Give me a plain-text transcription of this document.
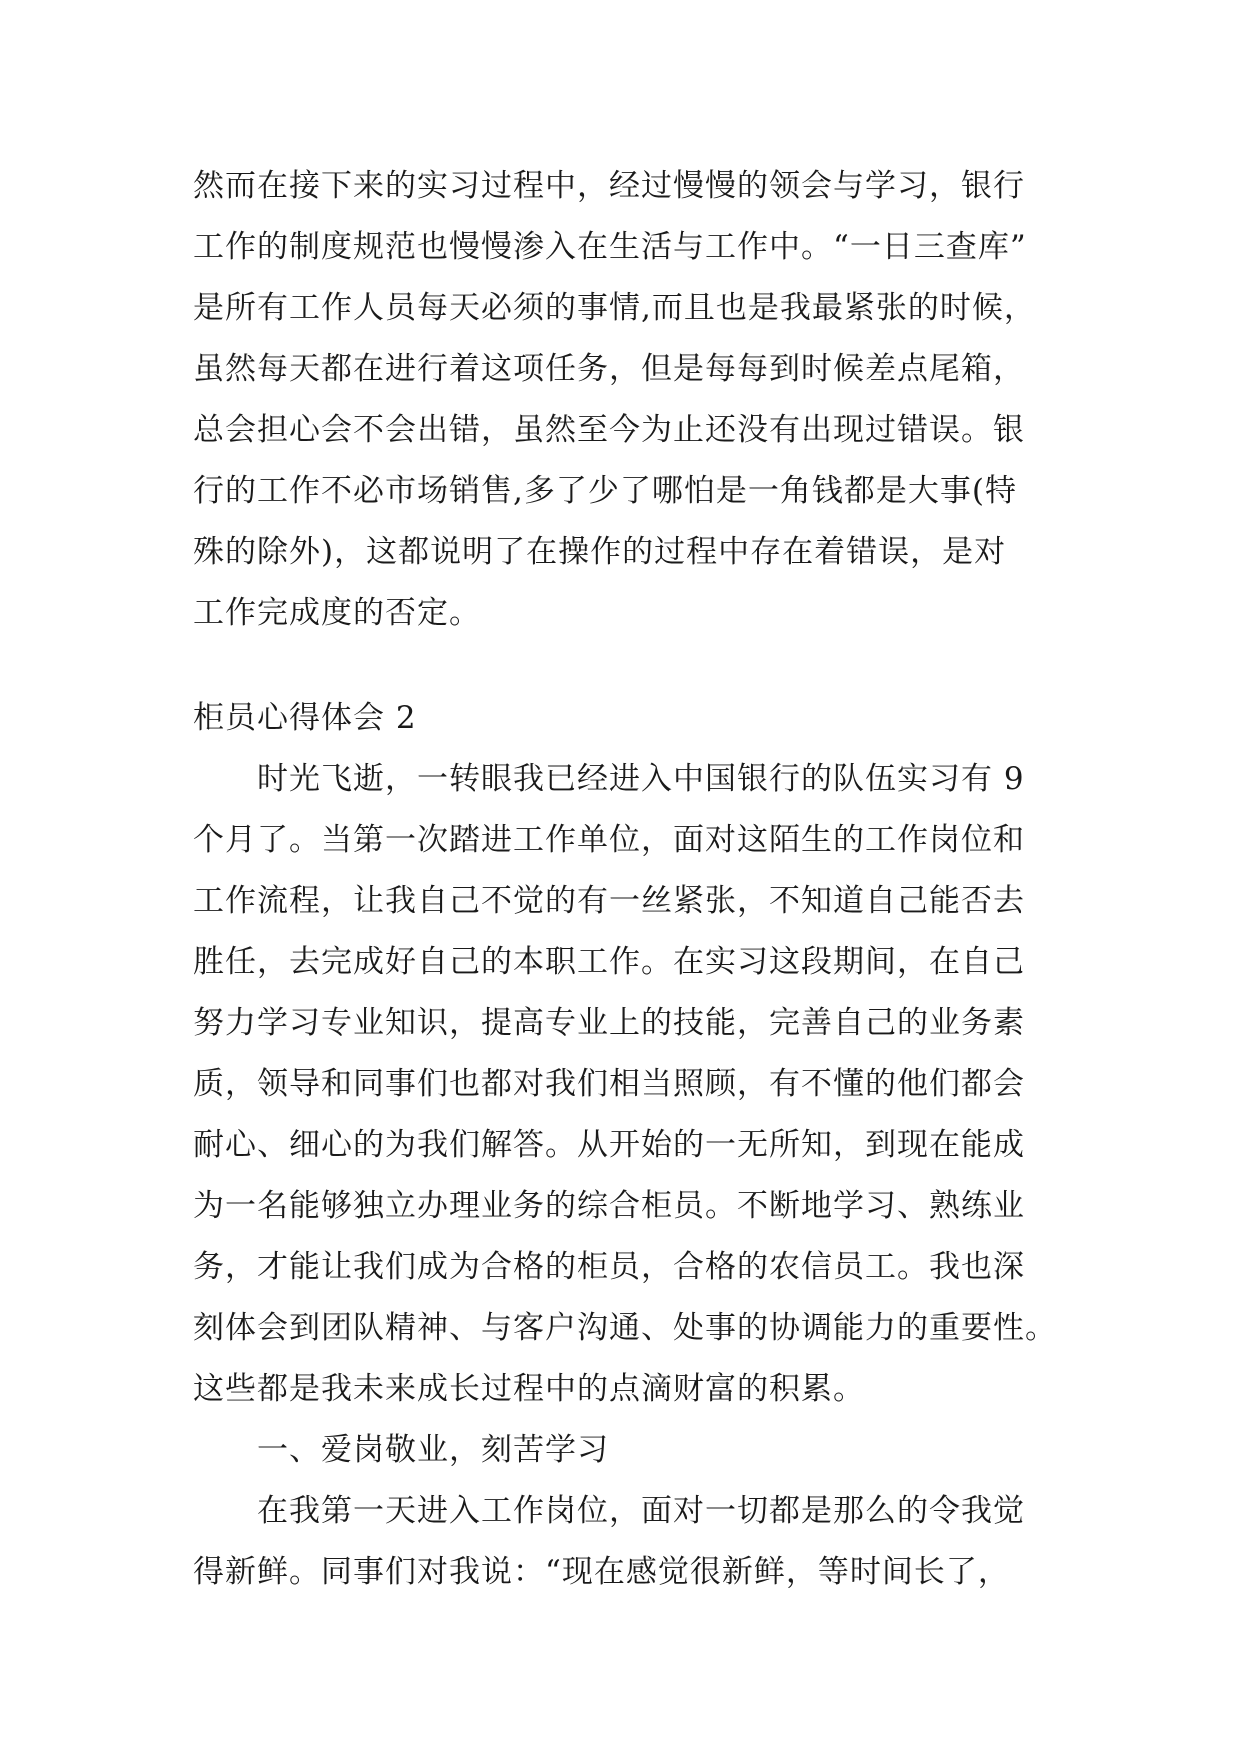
然而在接下来的实习过程中，经过慢慢的领会与学习，银行
工作的制度规范也慢慢渗入在生活与工作中。“一日三查库”
是所有工作人员每天必须的事情,而且也是我最紧张的时候，
虽然每天都在进行着这项任务，但是每每到时候差点尾箱，
总会担心会不会出错，虽然至今为止还没有出现过错误。银
行的工作不必市场销售,多了少了哪怕是一角钱都是大事(特
殊的除外)，这都说明了在操作的过程中存在着错误，是对
工作完成度的否定。
柜员心得体会 2
时光飞逝，一转眼我已经进入中国银行的队伍实习有 9
个月了。当第一次踏进工作单位，面对这陌生的工作岗位和
工作流程，让我自己不觉的有一丝紧张，不知道自己能否去
胜任，去完成好自己的本职工作。在实习这段期间，在自己
努力学习专业知识，提高专业上的技能，完善自己的业务素
质，领导和同事们也都对我们相当照顾，有不懂的他们都会
耐心、细心的为我们解答。从开始的一无所知，到现在能成
为一名能够独立办理业务的综合柜员。不断地学习、熟练业
务，才能让我们成为合格的柜员，合格的农信员工。我也深
刻体会到团队精神、与客户沟通、处事的协调能力的重要性。
这些都是我未来成长过程中的点滴财富的积累。
一、爱岗敬业，刻苦学习
在我第一天进入工作岗位，面对一切都是那么的令我觉
得新鲜。同事们对我说：“现在感觉很新鲜，等时间长了，
